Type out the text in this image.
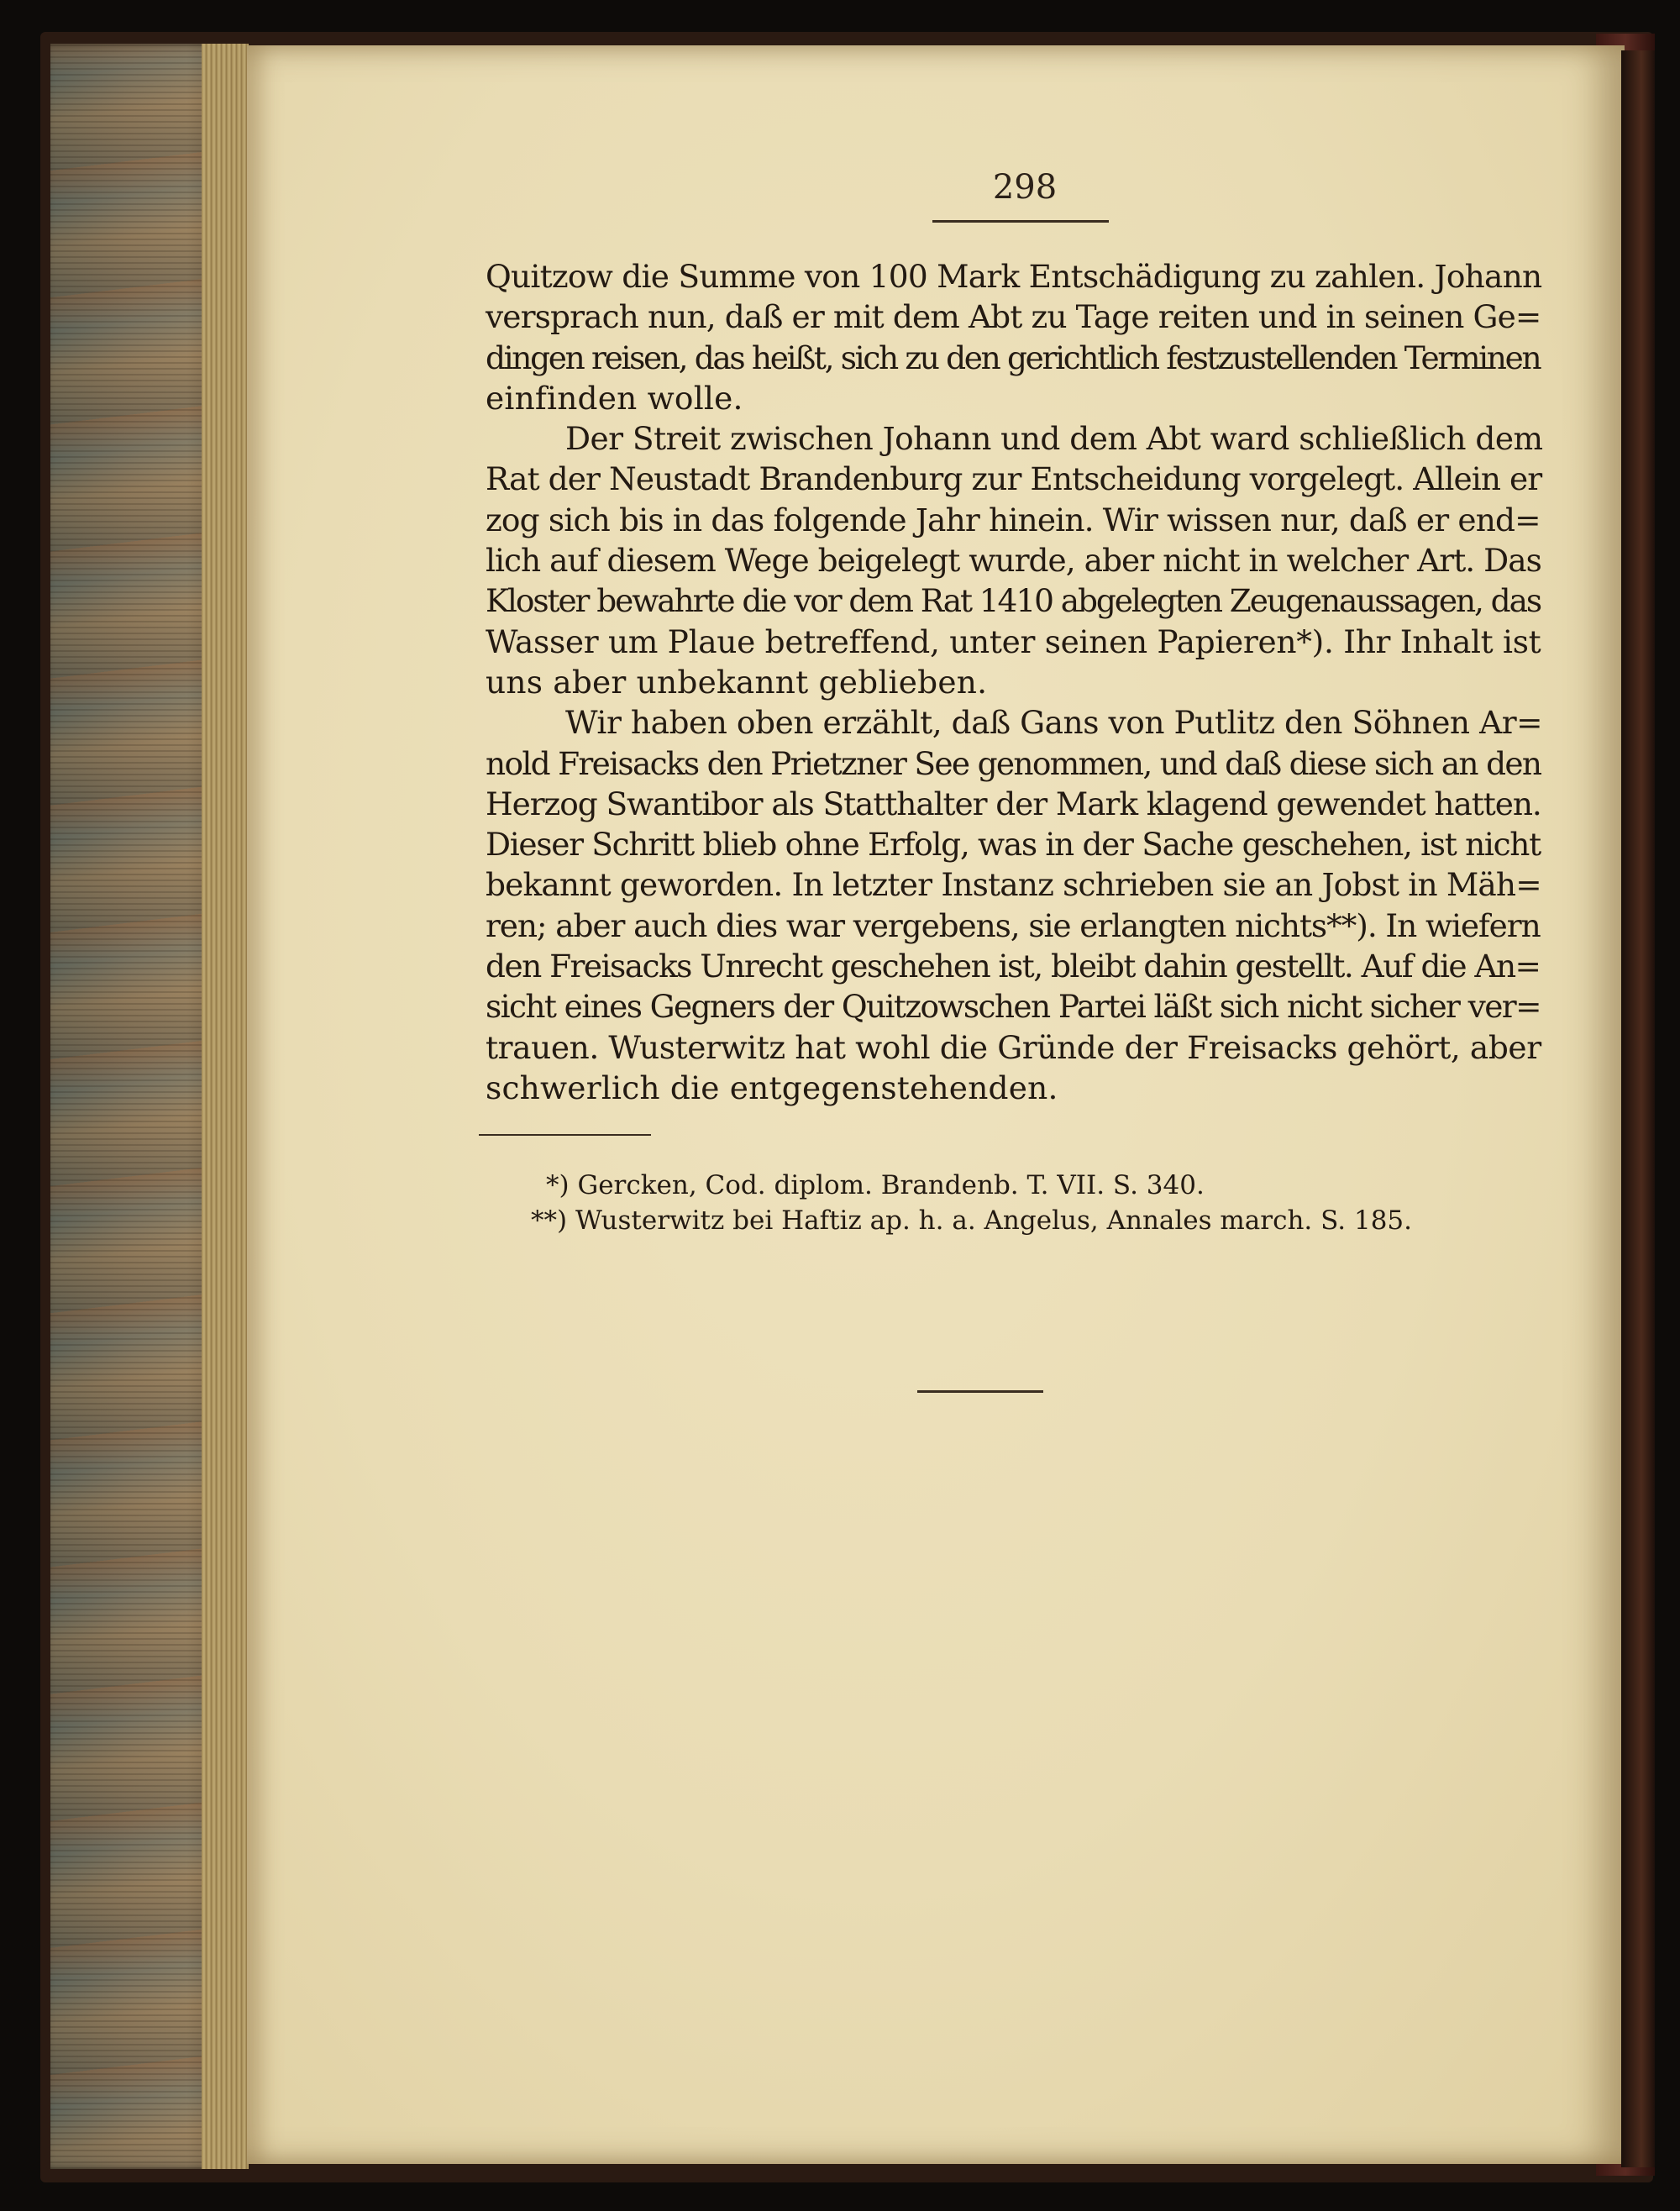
298
Quitzow die Summe von 100 Mark Entschädigung zu zahlen. Johann
versprach nun, daß er mit dem Abt zu Tage reiten und in seinen Ge=
dingen reisen, das heißt, sich zu den gerichtlich festzustellenden Terminen
einfinden wolle.
Der Streit zwischen Johann und dem Abt ward schließlich dem
Rat der Neustadt Brandenburg zur Entscheidung vorgelegt. Allein er
zog sich bis in das folgende Jahr hinein. Wir wissen nur, daß er end=
lich auf diesem Wege beigelegt wurde, aber nicht in welcher Art. Das
Kloster bewahrte die vor dem Rat 1410 abgelegten Zeugenaussagen, das
Wasser um Plaue betreffend, unter seinen Papieren*). Ihr Inhalt ist
uns aber unbekannt geblieben.
Wir haben oben erzählt, daß Gans von Putlitz den Söhnen Ar=
nold Freisacks den Prietzner See genommen, und daß diese sich an den
Herzog Swantibor als Statthalter der Mark klagend gewendet hatten.
Dieser Schritt blieb ohne Erfolg, was in der Sache geschehen, ist nicht
bekannt geworden. In letzter Instanz schrieben sie an Jobst in Mäh=
ren; aber auch dies war vergebens, sie erlangten nichts**). In wiefern
den Freisacks Unrecht geschehen ist, bleibt dahin gestellt. Auf die An=
sicht eines Gegners der Quitzowschen Partei läßt sich nicht sicher ver=
trauen. Wusterwitz hat wohl die Gründe der Freisacks gehört, aber
schwerlich die entgegenstehenden.
*) Gercken, Cod. diplom. Brandenb. T. VII. S. 340.
**) Wusterwitz bei Haftiz ap. h. a. Angelus, Annales march. S. 185.
